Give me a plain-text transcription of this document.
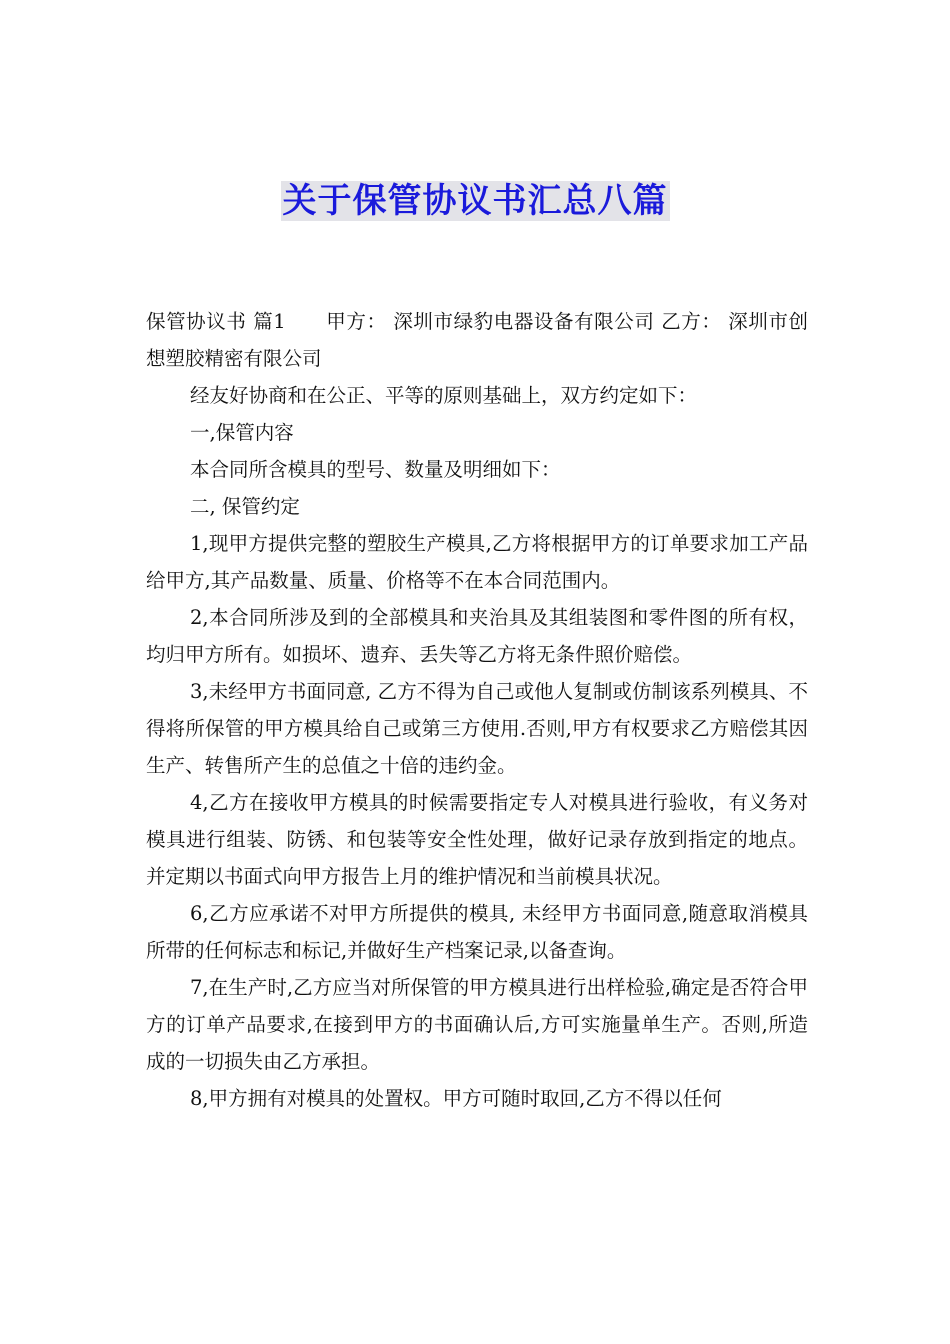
关于保管协议书汇总八篇

保管协议书 篇1 甲方： 深圳市绿豹电器设备有限公司 乙方： 深圳市创想塑胶精密有限公司

经友好协商和在公正、平等的原则基础上，双方约定如下：

一,保管内容

本合同所含模具的型号、数量及明细如下：

二, 保管约定

1,现甲方提供完整的塑胶生产模具,乙方将根据甲方的订单要求加工产品给甲方,其产品数量、质量、价格等不在本合同范围内。

2,本合同所涉及到的全部模具和夹治具及其组装图和零件图的所有权，均归甲方所有。如损坏、遗弃、丢失等乙方将无条件照价赔偿。

3,未经甲方书面同意, 乙方不得为自己或他人复制或仿制该系列模具、不得将所保管的甲方模具给自己或第三方使用.否则,甲方有权要求乙方赔偿其因生产、转售所产生的总值之十倍的违约金。

4,乙方在接收甲方模具的时候需要指定专人对模具进行验收，有义务对模具进行组装、防锈、和包装等安全性处理，做好记录存放到指定的地点。并定期以书面式向甲方报告上月的维护情况和当前模具状况。

6,乙方应承诺不对甲方所提供的模具, 未经甲方书面同意,随意取消模具所带的任何标志和标记,并做好生产档案记录,以备查询。

7,在生产时,乙方应当对所保管的甲方模具进行出样检验,确定是否符合甲方的订单产品要求,在接到甲方的书面确认后,方可实施量单生产。否则,所造成的一切损失由乙方承担。

8,甲方拥有对模具的处置权。甲方可随时取回,乙方不得以任何
